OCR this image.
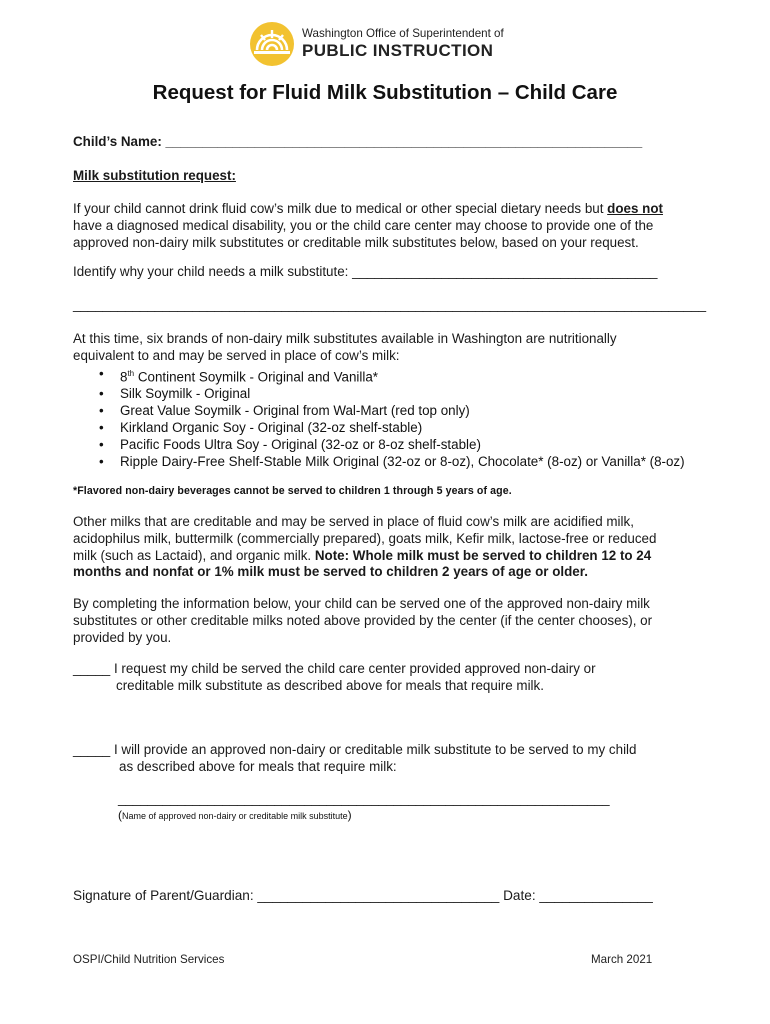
Washington Office of Superintendent of
PUBLIC INSTRUCTION
Request for Fluid Milk Substitution – Child Care
Child’s Name: ________________________________________________________________
Milk substitution request:
If your child cannot drink fluid cow’s milk due to medical or other special dietary needs but does not
have a diagnosed medical disability, you or the child care center may choose to provide one of the
approved non-dairy milk substitutes or creditable milk substitutes below, based on your request.
Identify why your child needs a milk substitute: _________________________________________
_____________________________________________________________________________________
At this time, six brands of non-dairy milk substitutes available in Washington are nutritionally
equivalent to and may be served in place of cow’s milk:
• 8th Continent Soymilk - Original and Vanilla*
• Silk Soymilk - Original
• Great Value Soymilk - Original from Wal-Mart (red top only)
• Kirkland Organic Soy - Original (32-oz shelf-stable)
• Pacific Foods Ultra Soy - Original (32-oz or 8-oz shelf-stable)
• Ripple Dairy-Free Shelf-Stable Milk Original (32-oz or 8-oz), Chocolate* (8-oz) or Vanilla* (8-oz)
*Flavored non-dairy beverages cannot be served to children 1 through 5 years of age.
Other milks that are creditable and may be served in place of fluid cow’s milk are acidified milk,
acidophilus milk, buttermilk (commercially prepared), goats milk, Kefir milk, lactose-free or reduced
milk (such as Lactaid), and organic milk. Note: Whole milk must be served to children 12 to 24
months and nonfat or 1% milk must be served to children 2 years of age or older.
By completing the information below, your child can be served one of the approved non-dairy milk
substitutes or other creditable milks noted above provided by the center (if the center chooses), or
provided by you.
_____ I request my child be served the child care center provided approved non-dairy or
creditable milk substitute as described above for meals that require milk.
_____ I will provide an approved non-dairy or creditable milk substitute to be served to my child
as described above for meals that require milk:
__________________________________________________________________
(Name of approved non-dairy or creditable milk substitute)
Signature of Parent/Guardian: ________________________________ Date: _______________
OSPI/Child Nutrition Services	March 2021
